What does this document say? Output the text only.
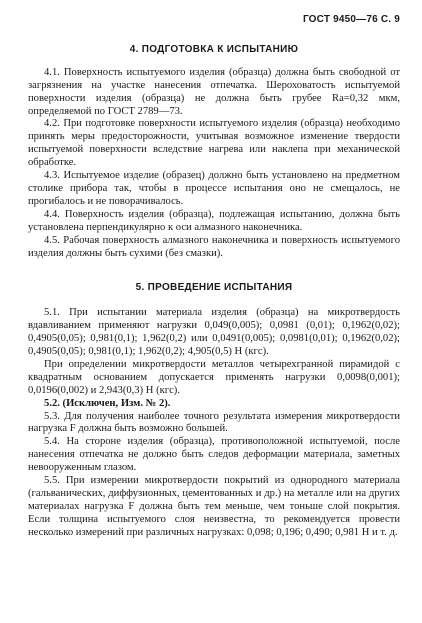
ГОСТ 9450—76 С. 9
4. ПОДГОТОВКА К ИСПЫТАНИЮ

4.1. Поверхность испытуемого изделия (образца) должна быть свободной от загрязнения на участке нанесения отпечатка. Шероховатость испытуемой поверхности изделия (образца) не должна быть грубее Ra=0,32 мкм, определяемой по ГОСТ 2789—73.

4.2. При подготовке поверхности испытуемого изделия (образца) необходимо принять меры предосторожности, учитывая возможное изменение твердости испытуемой поверхности вследствие нагрева или наклепа при механической обработке.

4.3. Испытуемое изделие (образец) должно быть установлено на предметном столике прибора так, чтобы в процессе испытания оно не смещалось, не прогибалось и не поворачивалось.

4.4. Поверхность изделия (образца), подлежащая испытанию, должна быть установлена перпендикулярно к оси алмазного наконечника.

4.5. Рабочая поверхность алмазного наконечника и поверхность испытуемого изделия должны быть сухими (без смазки).

5. ПРОВЕДЕНИЕ ИСПЫТАНИЯ

5.1. При испытании материала изделия (образца) на микротвердость вдавливанием применяют нагрузки 0,049(0,005); 0,0981 (0,01); 0,1962(0,02); 0,4905(0,05); 0,981(0,1); 1,962(0,2) или 0,0491(0,005); 0,0981(0,01); 0,1962(0,02); 0,4905(0,05); 0,981(0,1); 1,962(0,2); 4,905(0,5) Н (кгс).

При определении микротвердости металлов четырехгранной пирамидой с квадратным основанием допускается применять нагрузки 0,0098(0,001); 0,0196(0,002) и 2,943(0,3) Н (кгс).

5.2. (Исключен, Изм. № 2).

5.3. Для получения наиболее точного результата измерения микротвердости нагрузка F должна быть возможно большей.

5.4. На стороне изделия (образца), противоположной испытуемой, после нанесения отпечатка не должно быть следов деформации материала, заметных невооруженным глазом.

5.5. При измерении микротвердости покрытий из однородного материала (гальванических, диффузионных, цементованных и др.) на металле или на других материалах нагрузка F должна быть тем меньше, чем тоньше слой покрытия. Если толщина испытуемого слоя неизвестна, то рекомендуется провести несколько измерений при различных нагрузках: 0,098; 0,196; 0,490; 0,981 Н и т. д.
